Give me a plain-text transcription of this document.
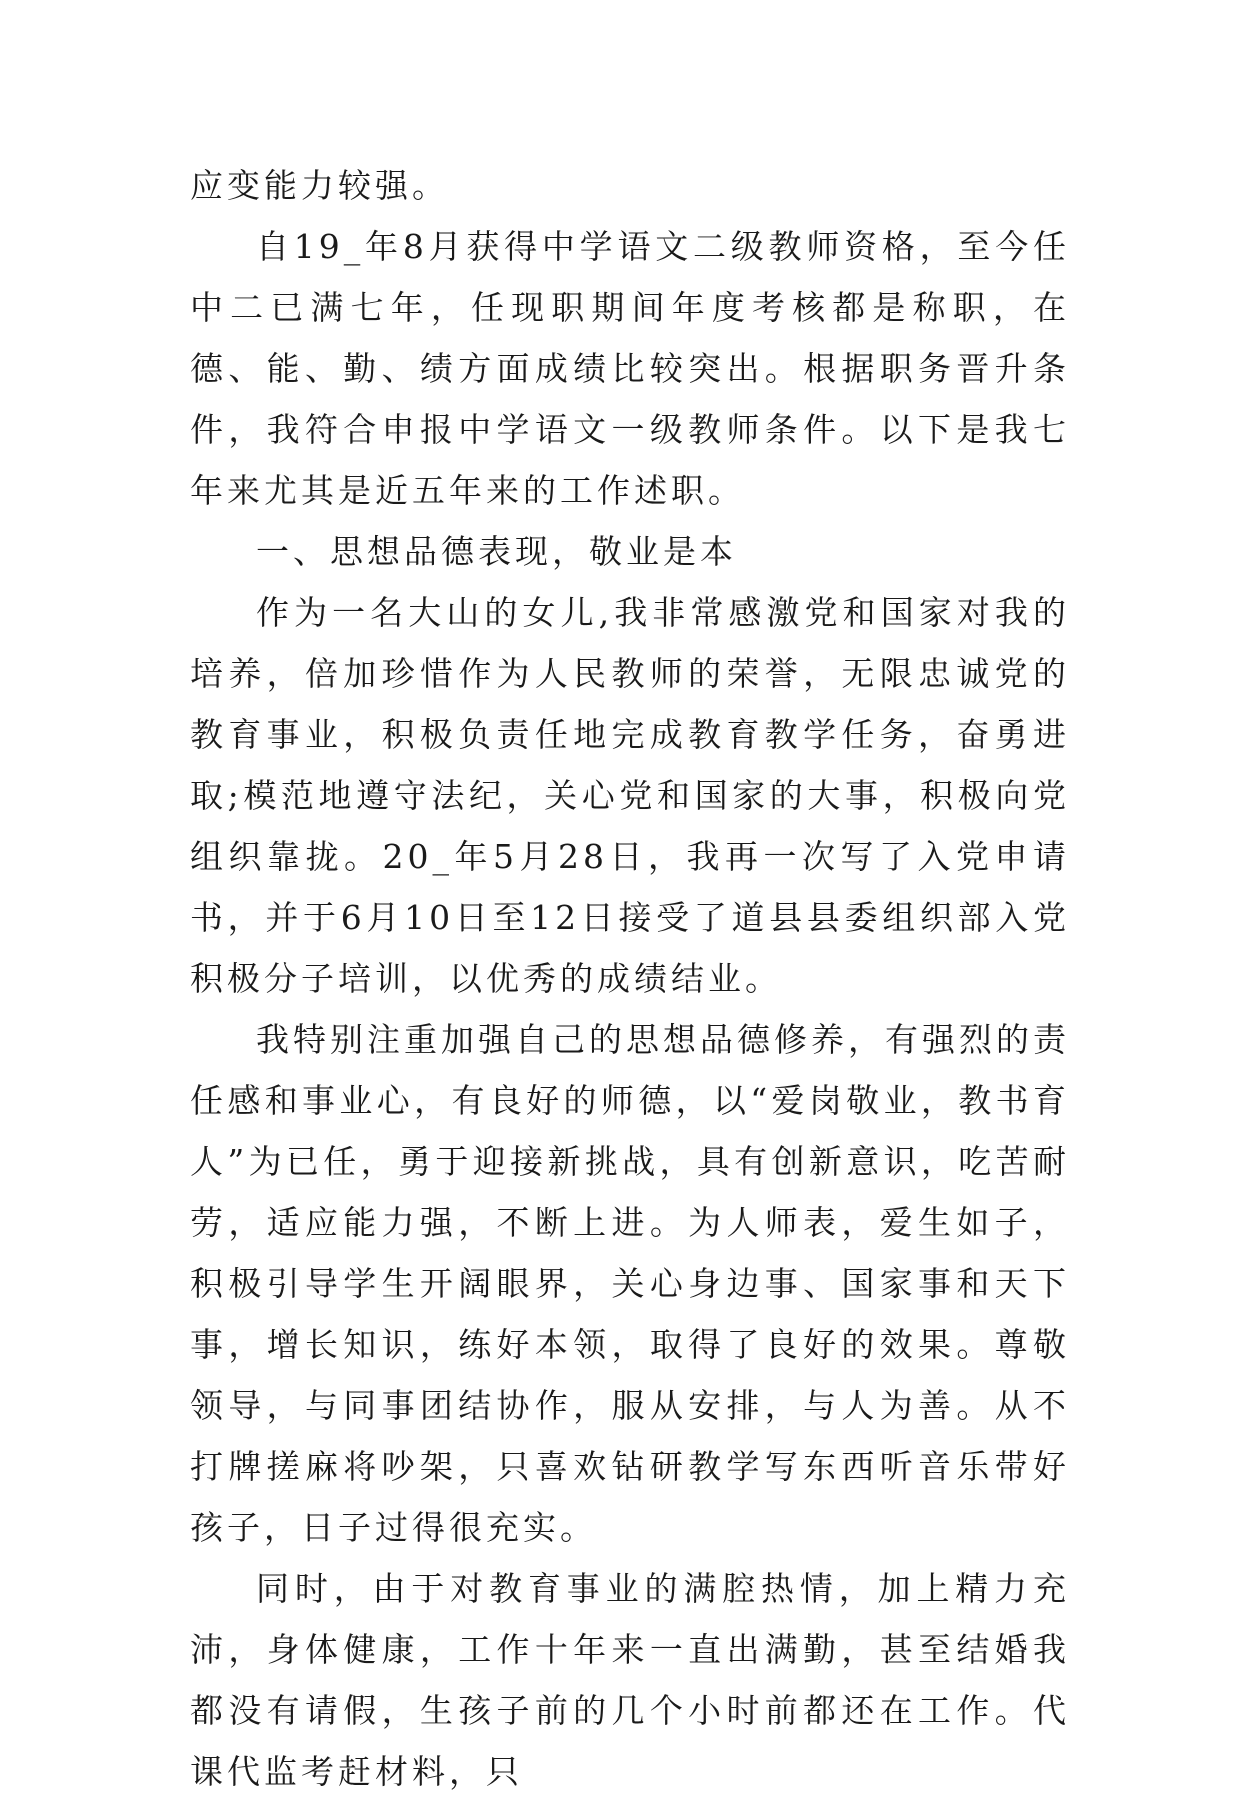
应变能力较强。

自19_年8月获得中学语文二级教师资格，至今任中二已满七年，任现职期间年度考核都是称职，在德、能、勤、绩方面成绩比较突出。根据职务晋升条件，我符合申报中学语文一级教师条件。以下是我七年来尤其是近五年来的工作述职。

一、思想品德表现，敬业是本

作为一名大山的女儿,我非常感激党和国家对我的培养，倍加珍惜作为人民教师的荣誉，无限忠诚党的教育事业，积极负责任地完成教育教学任务，奋勇进取;模范地遵守法纪，关心党和国家的大事，积极向党组织靠拢。20_年5月28日，我再一次写了入党申请书，并于6月10日至12日接受了道县县委组织部入党积极分子培训，以优秀的成绩结业。

我特别注重加强自己的思想品德修养，有强烈的责任感和事业心，有良好的师德，以“爱岗敬业，教书育人”为已任，勇于迎接新挑战，具有创新意识，吃苦耐劳，适应能力强，不断上进。为人师表，爱生如子，积极引导学生开阔眼界，关心身边事、国家事和天下事，增长知识，练好本领，取得了良好的效果。尊敬领导，与同事团结协作，服从安排，与人为善。从不打牌搓麻将吵架，只喜欢钻研教学写东西听音乐带好孩子，日子过得很充实。

同时，由于对教育事业的满腔热情，加上精力充沛，身体健康，工作十年来一直出满勤，甚至结婚我都没有请假，生孩子前的几个小时前都还在工作。代课代监考赶材料，只
